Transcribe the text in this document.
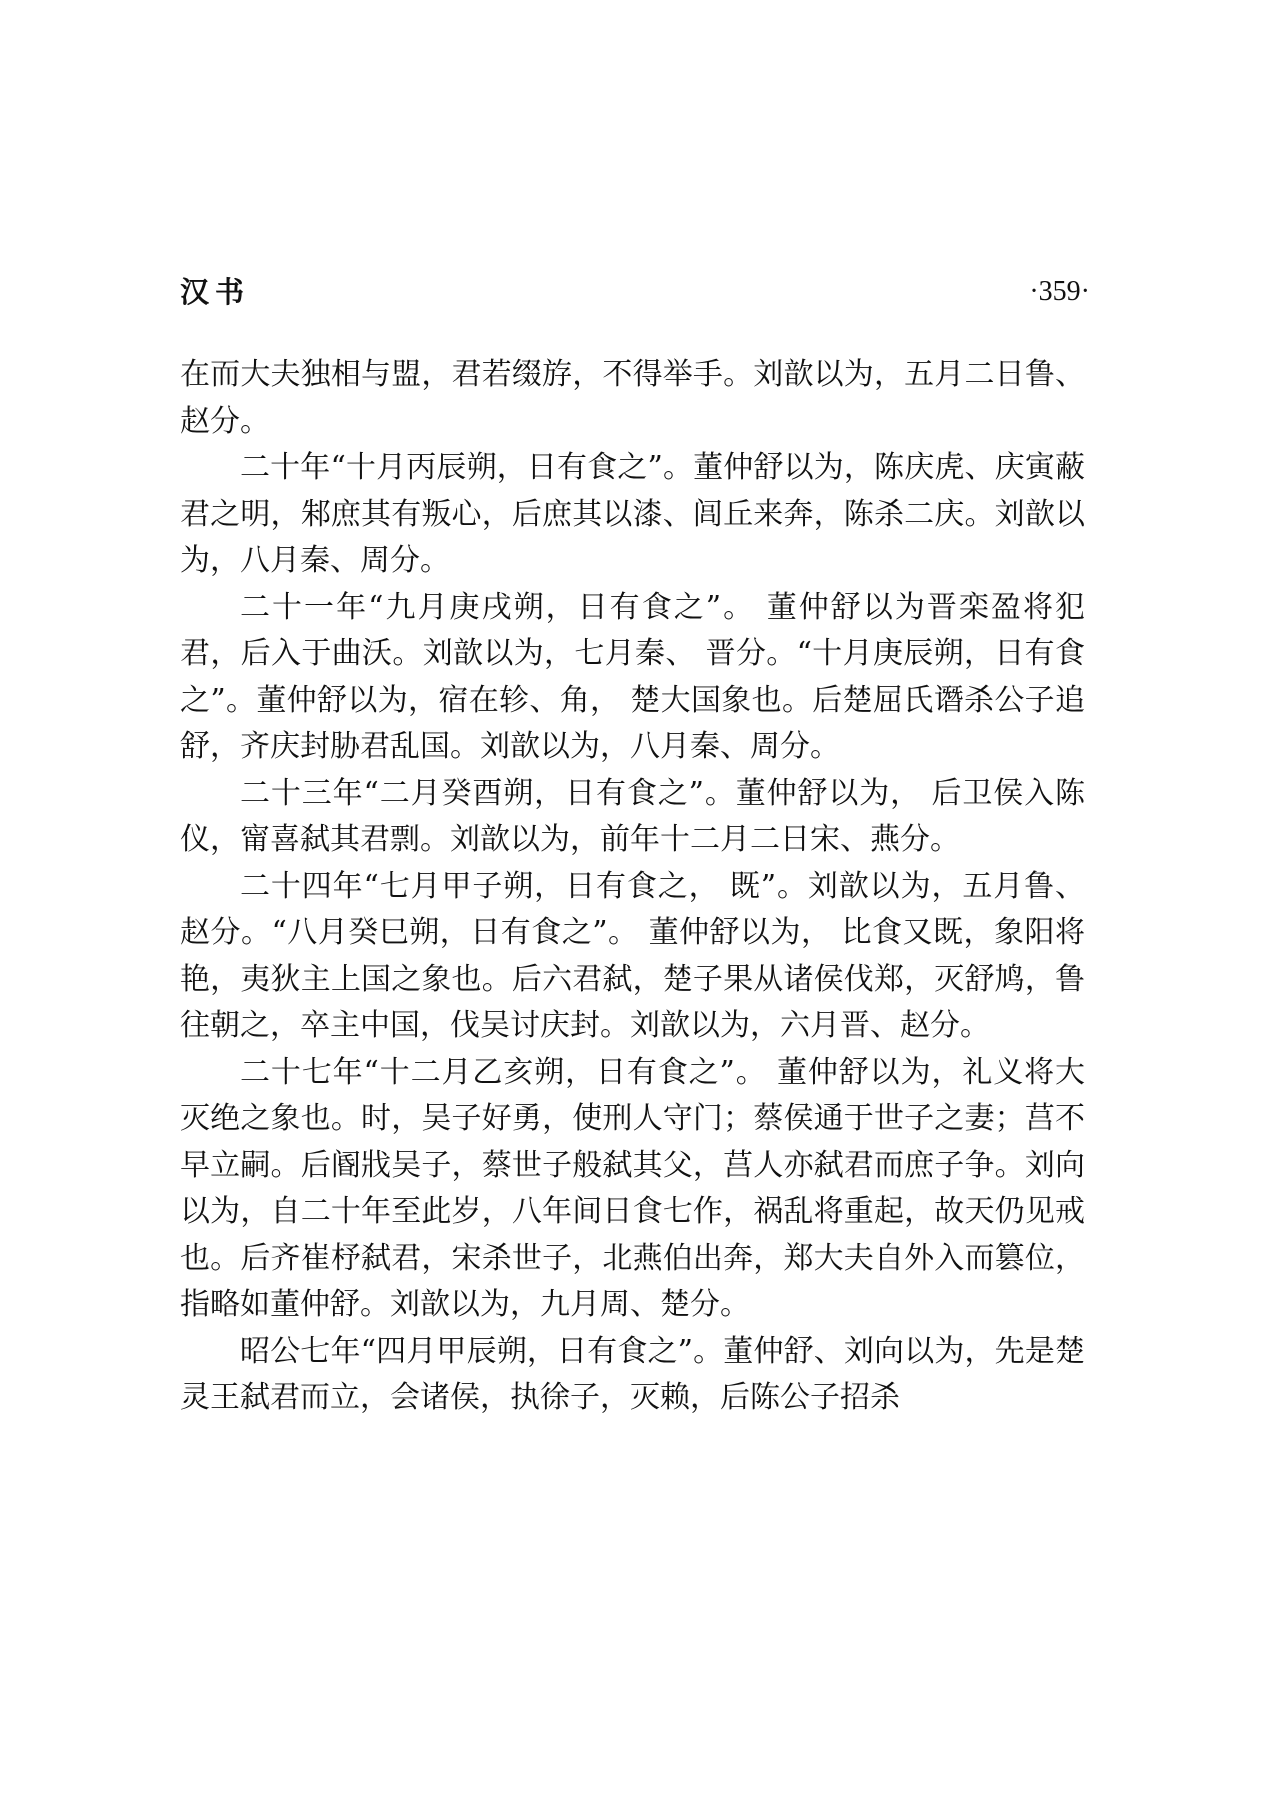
汉书	·359·

在而大夫独相与盟，君若缀斿，不得举手。刘歆以为，五月二日鲁、赵分。

二十年“十月丙辰朔，日有食之”。董仲舒以为，陈庆虎、庆寅蔽君之明，邾庶其有叛心，后庶其以漆、闾丘来奔，陈杀二庆。刘歆以为，八月秦、周分。

二十一年“九月庚戌朔，日有食之”。 董仲舒以为晋栾盈将犯君，后入于曲沃。刘歆以为，七月秦、 晋分。“十月庚辰朔，日有食之”。董仲舒以为，宿在轸、角， 楚大国象也。后楚屈氏谮杀公子追舒，齐庆封胁君乱国。刘歆以为，八月秦、周分。

二十三年“二月癸酉朔，日有食之”。董仲舒以为， 后卫侯入陈仪，甯喜弑其君剽。刘歆以为，前年十二月二日宋、燕分。

二十四年“七月甲子朔，日有食之， 既”。刘歆以为，五月鲁、赵分。“八月癸巳朔，日有食之”。 董仲舒以为， 比食又既，象阳将艳，夷狄主上国之象也。后六君弑，楚子果从诸侯伐郑，灭舒鸠，鲁往朝之，卒主中国，伐吴讨庆封。刘歆以为，六月晋、赵分。

二十七年“十二月乙亥朔，日有食之”。 董仲舒以为，礼义将大灭绝之象也。时，吴子好勇，使刑人守门；蔡侯通于世子之妻；莒不早立嗣。后阍戕吴子，蔡世子般弑其父，莒人亦弑君而庶子争。刘向以为，自二十年至此岁，八年间日食七作，祸乱将重起，故天仍见戒也。后齐崔杼弑君，宋杀世子，北燕伯出奔，郑大夫自外入而篡位，指略如董仲舒。刘歆以为，九月周、楚分。

昭公七年“四月甲辰朔，日有食之”。董仲舒、刘向以为，先是楚灵王弑君而立，会诸侯，执徐子，灭赖，后陈公子招杀
